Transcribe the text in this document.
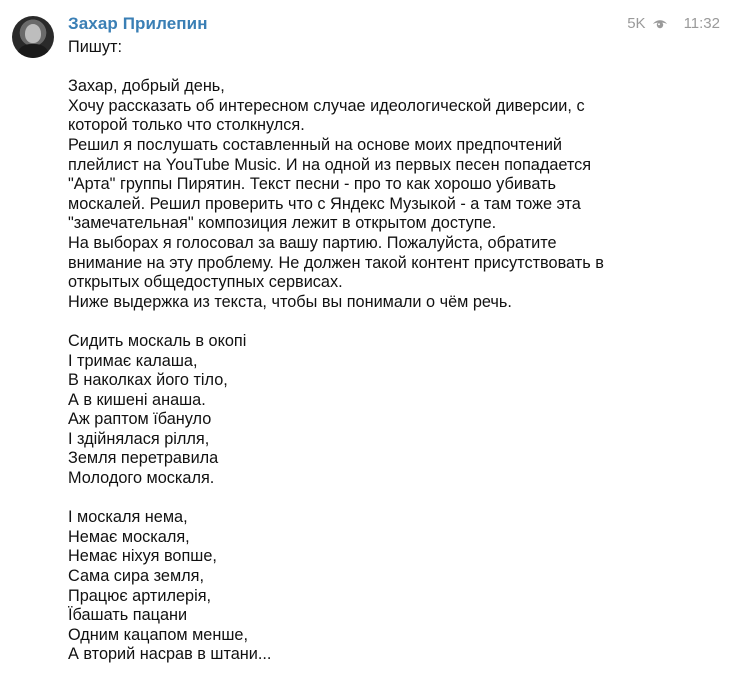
Захар Прилепин	5K	11:32

Пишут:

Захар, добрый день,

Хочу рассказать об интересном случае идеологической диверсии, с

которой только что столкнулся.

Решил я послушать составленный на основе моих предпочтений

плейлист на YouTube Music. И на одной из первых песен попадается

"Арта" группы Пирятин. Текст песни - про то как хорошо убивать

москалей. Решил проверить что с Яндекс Музыкой - а там тоже эта

"замечательная" композиция лежит в открытом доступе.

На выборах я голосовал за вашу партию. Пожалуйста, обратите

внимание на эту проблему. Не должен такой контент присутствовать в

открытых общедоступных сервисах.

Ниже выдержка из текста, чтобы вы понимали о чём речь.

Сидить москаль в окопі

І тримає калаша,

В наколках його тіло,

А в кишені анаша.

Аж раптом їбануло

І здійнялася рілля,

Земля перетравила

Молодого москаля.

І москаля нема,

Немає москаля,

Немає ніхуя вопше,

Сама сира земля,

Працює артилерія,

Їбашать пацани

Одним кацапом менше,

А вторий насрав в штани...
